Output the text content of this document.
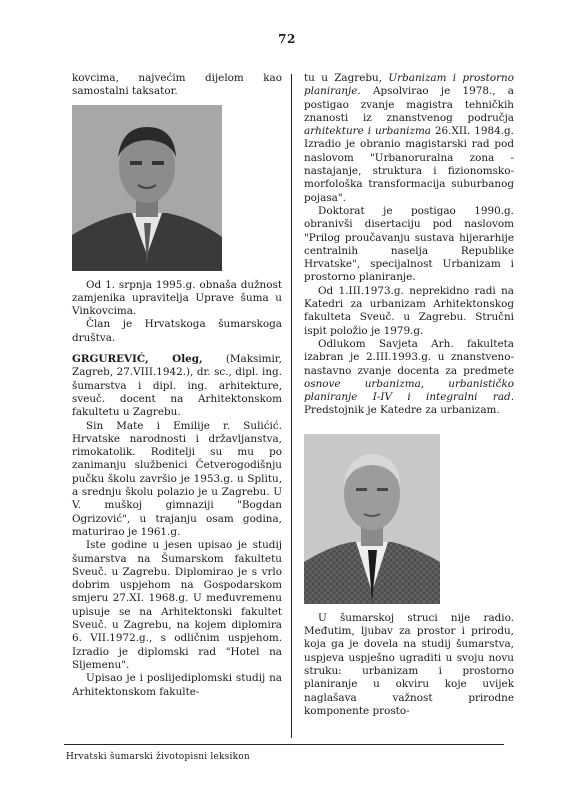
72

kovcima, najvećim dijelom kao samostalni taksator.

Od 1. srpnja 1995.g. obnaša dužnost zamjenika upravitelja Uprave šuma u Vinkovcima.

Član je Hrvatskoga šumarskoga društva.

GRGUREVIĆ, Oleg, (Maksimir, Zagreb, 27.VIII.1942.), dr. sc., dipl. ing. šumarstva i dipl. ing. arhitekture, sveuč. docent na Arhitektonskom fakultetu u Zagrebu.

Sin Mate i Emilije r. Sulićić. Hrvatske narodnosti i državljanstva, rimokatolik. Roditelji su mu po zanimanju službenici Četverogodišnju pučku školu završio je 1953.g. u Splitu, a srednju školu polazio je u Zagrebu. U V. muškoj gimnaziji "Bogdan Ogrizović", u trajanju osam godina, maturirao je 1961.g.

Iste godine u jesen upisao je studij šumarstva na Šumarskom fakultetu Sveuč. u Zagrebu. Diplomirao je s vrlo dobrim uspjehom na Gospodarskom smjeru 27.XI. 1968.g. U međuvremenu upisuje se na Arhitektonski fakultet Sveuč. u Zagrebu, na kojem diplomira 6. VII.1972.g., s odličnim uspjehom. Izradio je diplomski rad "Hotel na Sljemenu".

Upisao je i poslijediplomski studij na Arhitektonskom fakulte-

tu u Zagrebu, Urbanizam i prostorno planiranje. Apsolvirao je 1978., a postigao zvanje magistra tehničkih znanosti iz znanstvenog područja arhitekture i urbanizma 26.XII. 1984.g. Izradio je obranio magistarski rad pod naslovom "Urbanoruralna zona - nastajanje, struktura i fizionomsko-morfološka transformacija suburbanog pojasa".

Doktorat je postigao 1990.g. obranivši disertaciju pod naslovom "Prilog proučavanju sustava hijerarhije centralnih naselja Republike Hrvatske", specijalnost Urbanizam i prostorno planiranje.

Od 1.III.1973.g. neprekidno radi na Katedri za urbanizam Arhitektonskog fakulteta Sveuč. u Zagrebu. Stručni ispit položio je 1979.g.

Odlukom Savjeta Arh. fakulteta izabran je 2.III.1993.g. u znanstveno-nastavno zvanje docenta za predmete osnove urbanizma, urbanističko planiranje I-IV i integralni rad. Predstojnik je Katedre za urbanizam.

U šumarskoj struci nije radio. Međutim, ljubav za prostor i prirodu, koja ga je dovela na studij šumarstva, uspjeva uspješno ugraditi u svoju novu struku: urbanizam i prostorno planiranje u okviru koje uvijek naglašava važnost prirodne komponente prosto-

Hrvatski šumarski životopisni leksikon
